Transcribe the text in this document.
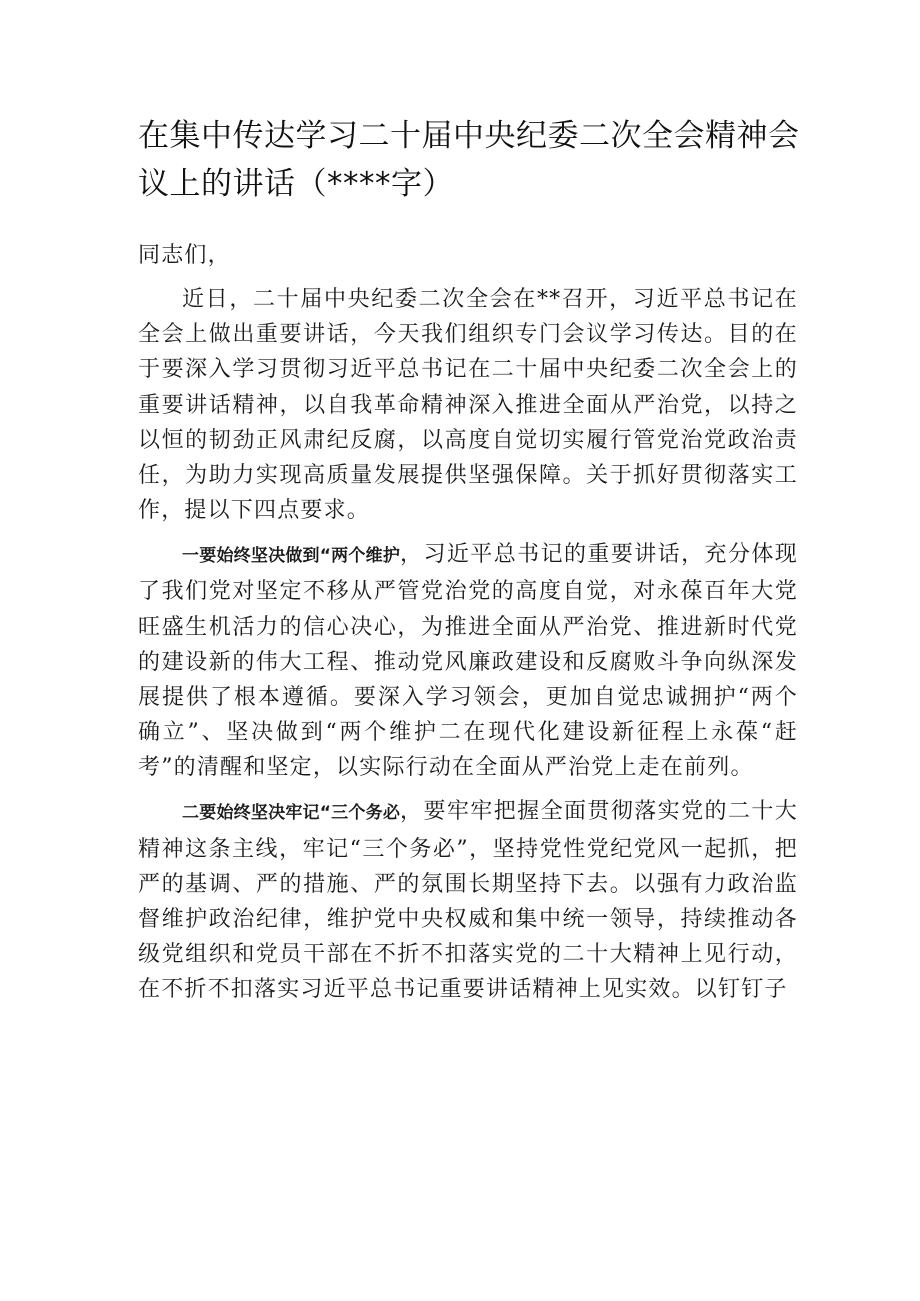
在集中传达学习二十届中央纪委二次全会精神会议上的讲话（****字）

同志们，

近日，二十届中央纪委二次全会在**召开，习近平总书记在全会上做出重要讲话，今天我们组织专门会议学习传达。目的在于要深入学习贯彻习近平总书记在二十届中央纪委二次全会上的重要讲话精神，以自我革命精神深入推进全面从严治党，以持之以恒的韧劲正风肃纪反腐，以高度自觉切实履行管党治党政治责任，为助力实现高质量发展提供坚强保障。关于抓好贯彻落实工作，提以下四点要求。

一要始终坚决做到“两个维护，习近平总书记的重要讲话，充分体现了我们党对坚定不移从严管党治党的高度自觉，对永葆百年大党旺盛生机活力的信心决心，为推进全面从严治党、推进新时代党的建设新的伟大工程、推动党风廉政建设和反腐败斗争向纵深发展提供了根本遵循。要深入学习领会，更加自觉忠诚拥护“两个确立”、坚决做到“两个维护二在现代化建设新征程上永葆“赶考”的清醒和坚定，以实际行动在全面从严治党上走在前列。

二要始终坚决牢记“三个务必，要牢牢把握全面贯彻落实党的二十大精神这条主线，牢记“三个务必”，坚持党性党纪党风一起抓，把严的基调、严的措施、严的氛围长期坚持下去。以强有力政治监督维护政治纪律，维护党中央权威和集中统一领导，持续推动各级党组织和党员干部在不折不扣落实党的二十大精神上见行动，在不折不扣落实习近平总书记重要讲话精神上见实效。以钉钉子
